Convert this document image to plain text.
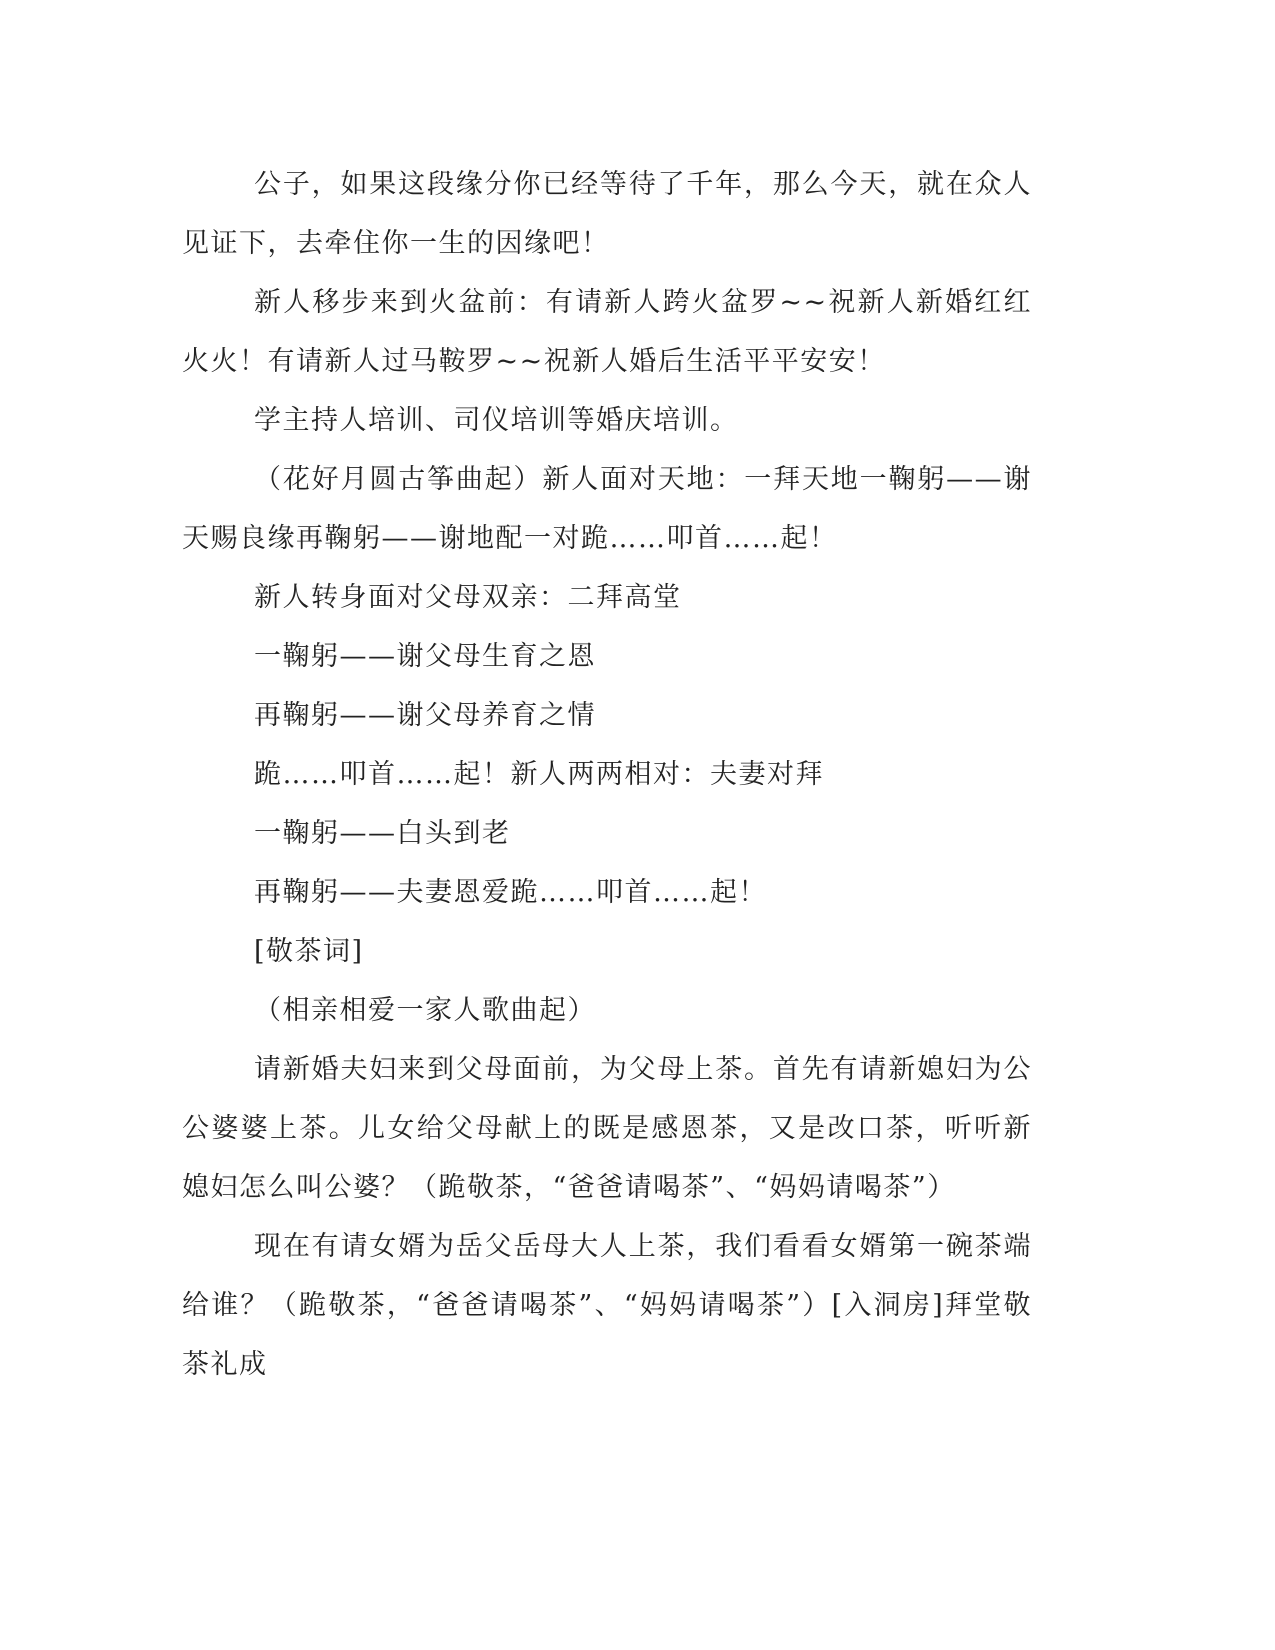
公子，如果这段缘分你已经等待了千年，那么今天，就在众人见证下，去牵住你一生的因缘吧！

新人移步来到火盆前：有请新人跨火盆罗~~祝新人新婚红红火火！有请新人过马鞍罗~~祝新人婚后生活平平安安！

学主持人培训、司仪培训等婚庆培训。

（花好月圆古筝曲起）新人面对天地：一拜天地一鞠躬——谢天赐良缘再鞠躬——谢地配一对跪……叩首……起！

新人转身面对父母双亲：二拜高堂

一鞠躬——谢父母生育之恩

再鞠躬——谢父母养育之情

跪……叩首……起！新人两两相对：夫妻对拜

一鞠躬——白头到老

再鞠躬——夫妻恩爱跪……叩首……起！

[敬茶词]

（相亲相爱一家人歌曲起）

请新婚夫妇来到父母面前，为父母上茶。首先有请新媳妇为公公婆婆上茶。儿女给父母献上的既是感恩茶，又是改口茶，听听新媳妇怎么叫公婆？（跪敬茶，“爸爸请喝茶”、“妈妈请喝茶”）

现在有请女婿为岳父岳母大人上茶，我们看看女婿第一碗茶端给谁？（跪敬茶，“爸爸请喝茶”、“妈妈请喝茶”）[入洞房]拜堂敬茶礼成
